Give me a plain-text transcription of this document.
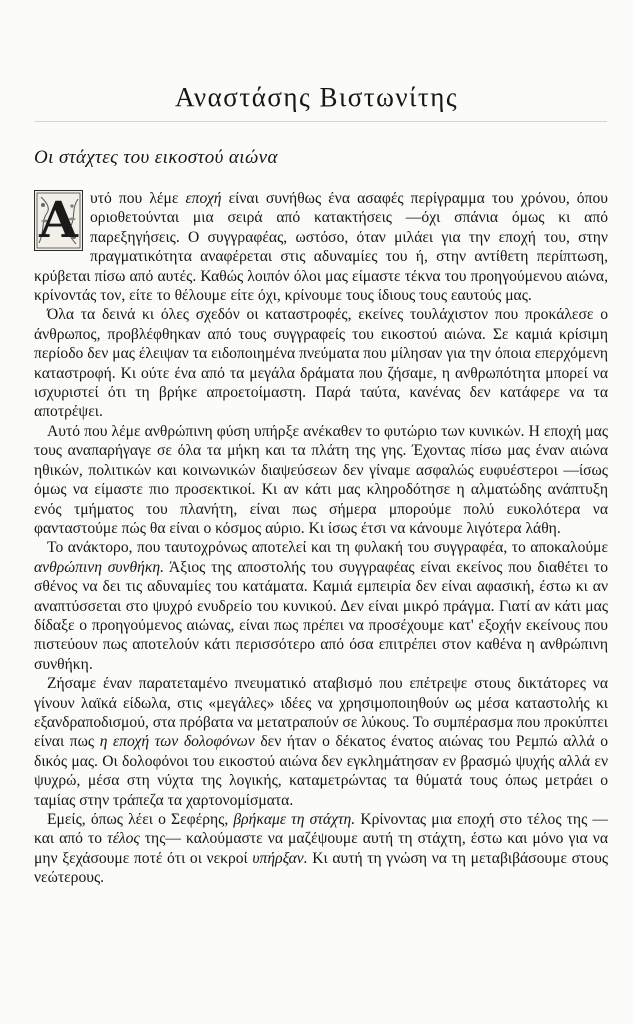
Αναστάσης Βιστωνίτης
Οι στάχτες του εικοστού αιώνα

Α υτό που λέμε εποχή είναι συνήθως ένα ασαφές περίγραμμα του χρόνου, όπου οριοθετούνται μια σειρά από κατακτήσεις —όχι σπάνια όμως κι από παρεξηγήσεις. Ο συγγραφέας, ωστόσο, όταν μιλάει για την εποχή του, στην πραγματικότητα αναφέρεται στις αδυναμίες του ή, στην αντίθετη περίπτωση, κρύβεται πίσω από αυτές. Καθώς λοιπόν όλοι μας είμαστε τέκνα του προηγούμενου αιώνα, κρίνοντάς τον, είτε το θέλουμε είτε όχι, κρίνουμε τους ίδιους τους εαυτούς μας.

Όλα τα δεινά κι όλες σχεδόν οι καταστροφές, εκείνες τουλάχιστον που προκάλεσε ο άνθρωπος, προβλέφθηκαν από τους συγγραφείς του εικοστού αιώνα. Σε καμιά κρίσιμη περίοδο δεν μας έλειψαν τα ειδοποιημένα πνεύματα που μίλησαν για την όποια επερχόμενη καταστροφή. Κι ούτε ένα από τα μεγάλα δράματα που ζήσαμε, η ανθρωπότητα μπορεί να ισχυριστεί ότι τη βρήκε απροετοίμαστη. Παρά ταύτα, κανένας δεν κατάφερε να τα αποτρέψει.

Αυτό που λέμε ανθρώπινη φύση υπήρξε ανέκαθεν το φυτώριο των κυνικών. Η εποχή μας τους αναπαρήγαγε σε όλα τα μήκη και τα πλάτη της γης. Έχοντας πίσω μας έναν αιώνα ηθικών, πολιτικών και κοινωνικών διαψεύσεων δεν γίναμε ασφαλώς ευφυέστεροι —ίσως όμως να είμαστε πιο προσεκτικοί. Κι αν κάτι μας κληροδότησε η αλματώδης ανάπτυξη ενός τμήματος του πλανήτη, είναι πως σήμερα μπορούμε πολύ ευκολότερα να φανταστούμε πώς θα είναι ο κόσμος αύριο. Κι ίσως έτσι να κάνουμε λιγότερα λάθη.

Το ανάκτορο, που ταυτοχρόνως αποτελεί και τη φυλακή του συγγραφέα, το αποκαλούμε ανθρώπινη συνθήκη. Άξιος της αποστολής του συγγραφέας είναι εκείνος που διαθέτει το σθένος να δει τις αδυναμίες του κατάματα. Καμιά εμπειρία δεν είναι αφασική, έστω κι αν αναπτύσσεται στο ψυχρό ενυδρείο του κυνικού. Δεν είναι μικρό πράγμα. Γιατί αν κάτι μας δίδαξε ο προηγούμενος αιώνας, είναι πως πρέπει να προσέχουμε κατ' εξοχήν εκείνους που πιστεύουν πως αποτελούν κάτι περισσότερο από όσα επιτρέπει στον καθένα η ανθρώπινη συνθήκη.

Ζήσαμε έναν παρατεταμένο πνευματικό αταβισμό που επέτρεψε στους δικτάτορες να γίνουν λαϊκά είδωλα, στις «μεγάλες» ιδέες να χρησιμοποιηθούν ως μέσα καταστολής κι εξανδραποδισμού, στα πρόβατα να μετατραπούν σε λύκους. Το συμπέρασμα που προκύπτει είναι πως η εποχή των δολοφόνων δεν ήταν ο δέκατος ένατος αιώνας του Ρεμπώ αλλά ο δικός μας. Οι δολοφόνοι του εικοστού αιώνα δεν εγκλημάτησαν εν βρασμώ ψυχής αλλά εν ψυχρώ, μέσα στη νύχτα της λογικής, καταμετρώντας τα θύματά τους όπως μετράει ο ταμίας στην τράπεζα τα χαρτονομίσματα.

Εμείς, όπως λέει ο Σεφέρης, βρήκαμε τη στάχτη. Κρίνοντας μια εποχή στο τέλος της —και από το τέλος της— καλούμαστε να μαζέψουμε αυτή τη στάχτη, έστω και μόνο για να μην ξεχάσουμε ποτέ ότι οι νεκροί υπήρξαν. Κι αυτή τη γνώση να τη μεταβιβάσουμε στους νεώτερους.
